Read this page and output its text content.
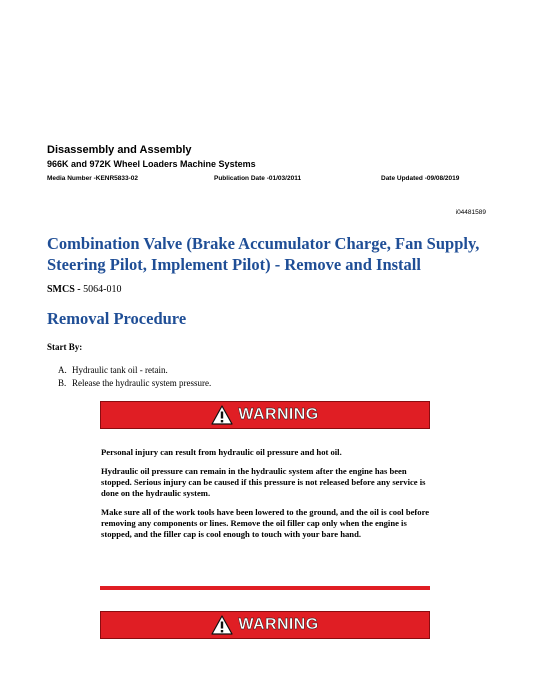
Disassembly and Assembly
966K and 972K Wheel Loaders Machine Systems
Media Number -KENR5833-02	Publication Date -01/03/2011	Date Updated -09/08/2019
i04481589
Combination Valve (Brake Accumulator Charge, Fan Supply, Steering Pilot, Implement Pilot) - Remove and Install
SMCS - 5064-010
Removal Procedure
Start By:
A. Hydraulic tank oil - retain.
B. Release the hydraulic system pressure.
WARNING

Personal injury can result from hydraulic oil pressure and hot oil.

Hydraulic oil pressure can remain in the hydraulic system after the engine has been stopped. Serious injury can be caused if this pressure is not released before any service is done on the hydraulic system.

Make sure all of the work tools have been lowered to the ground, and the oil is cool before removing any components or lines. Remove the oil filler cap only when the engine is stopped, and the filler cap is cool enough to touch with your bare hand.

WARNING
